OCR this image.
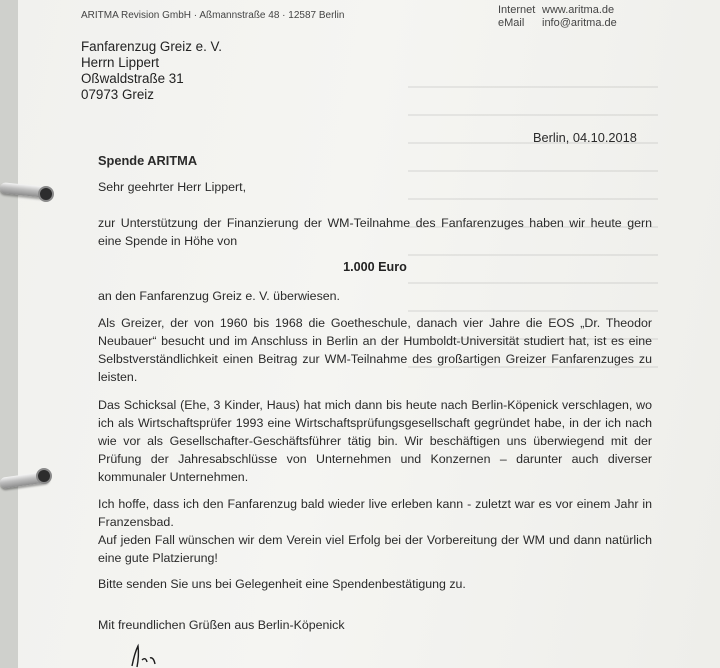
ARITMA Revision GmbH · Aßmannstraße 48 · 12587 Berlin	Internet www.aritma.de
eMail info@aritma.de
Fanfarenzug Greiz e. V.
Herrn Lippert
Oßwaldstraße 31
07973 Greiz
Berlin, 04.10.2018
Spende ARITMA
Sehr geehrter Herr Lippert,
zur Unterstützung der Finanzierung der WM-Teilnahme des Fanfarenzuges haben wir heute gern eine Spende in Höhe von
1.000 Euro
an den Fanfarenzug Greiz e. V. überwiesen.
Als Greizer, der von 1960 bis 1968 die Goetheschule, danach vier Jahre die EOS „Dr. Theodor Neubauer“ besucht und im Anschluss in Berlin an der Humboldt-Universität studiert hat, ist es eine Selbstverständlichkeit einen Beitrag zur WM-Teilnahme des großartigen Greizer Fanfarenzuges zu leisten.
Das Schicksal (Ehe, 3 Kinder, Haus) hat mich dann bis heute nach Berlin-Köpenick verschlagen, wo ich als Wirtschaftsprüfer 1993 eine Wirtschaftsprüfungsgesellschaft gegründet habe, in der ich nach wie vor als Gesellschafter-Geschäftsführer tätig bin. Wir beschäftigen uns überwiegend mit der Prüfung der Jahresabschlüsse von Unternehmen und Konzernen – darunter auch diverser kommunaler Unternehmen.
Ich hoffe, dass ich den Fanfarenzug bald wieder live erleben kann - zuletzt war es vor einem Jahr in Franzensbad.
Auf jeden Fall wünschen wir dem Verein viel Erfolg bei der Vorbereitung der WM und dann natürlich eine gute Platzierung!
Bitte senden Sie uns bei Gelegenheit eine Spendenbestätigung zu.
Mit freundlichen Grüßen aus Berlin-Köpenick
